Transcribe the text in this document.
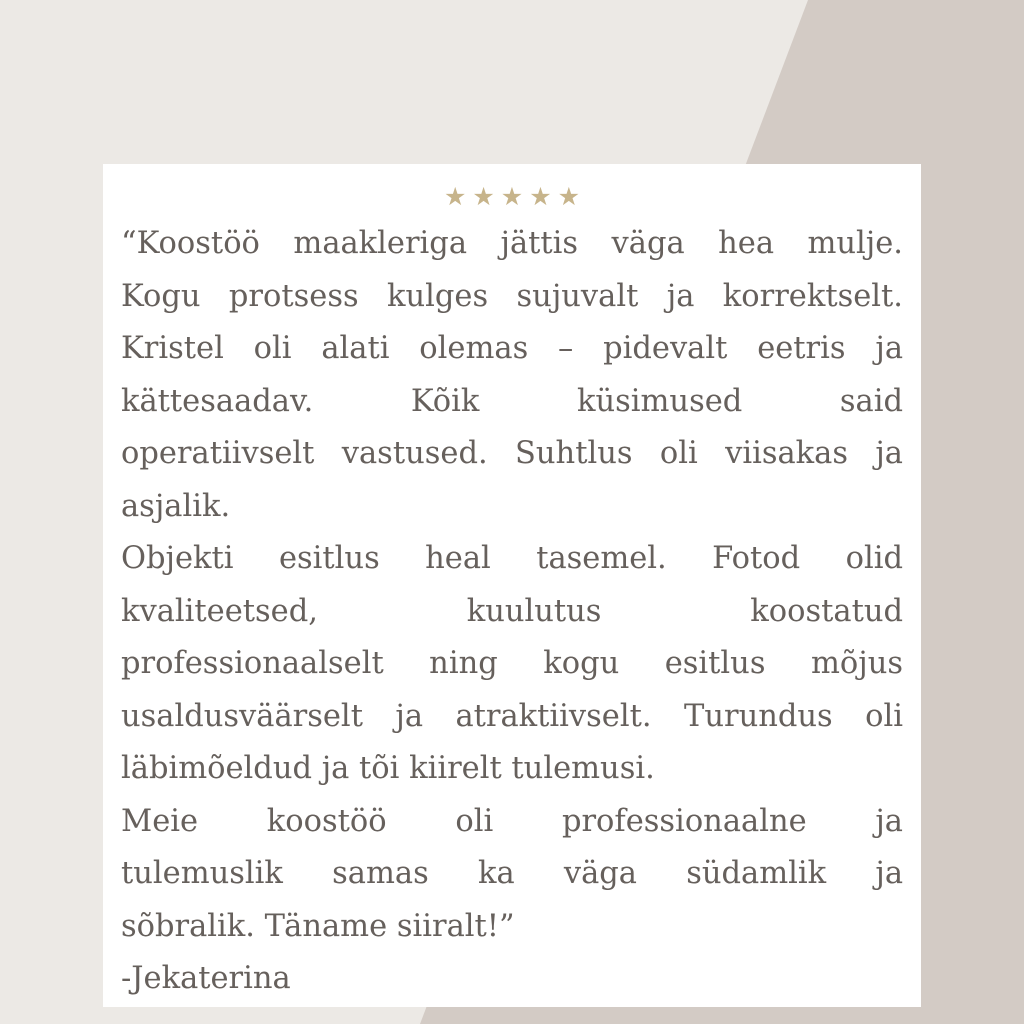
★★★★★
“Koostöö maakleriga jättis väga hea mulje.
Kogu protsess kulges sujuvalt ja korrektselt.
Kristel oli alati olemas – pidevalt eetris ja
kättesaadav. Kõik küsimused said
operatiivselt vastused. Suhtlus oli viisakas ja
asjalik.
Objekti esitlus heal tasemel. Fotod olid
kvaliteetsed, kuulutus koostatud
professionaalselt ning kogu esitlus mõjus
usaldusväärselt ja atraktiivselt. Turundus oli
läbimõeldud ja tõi kiirelt tulemusi.
Meie koostöö oli professionaalne ja
tulemuslik samas ka väga südamlik ja
sõbralik. Täname siiralt!”
-Jekaterina
